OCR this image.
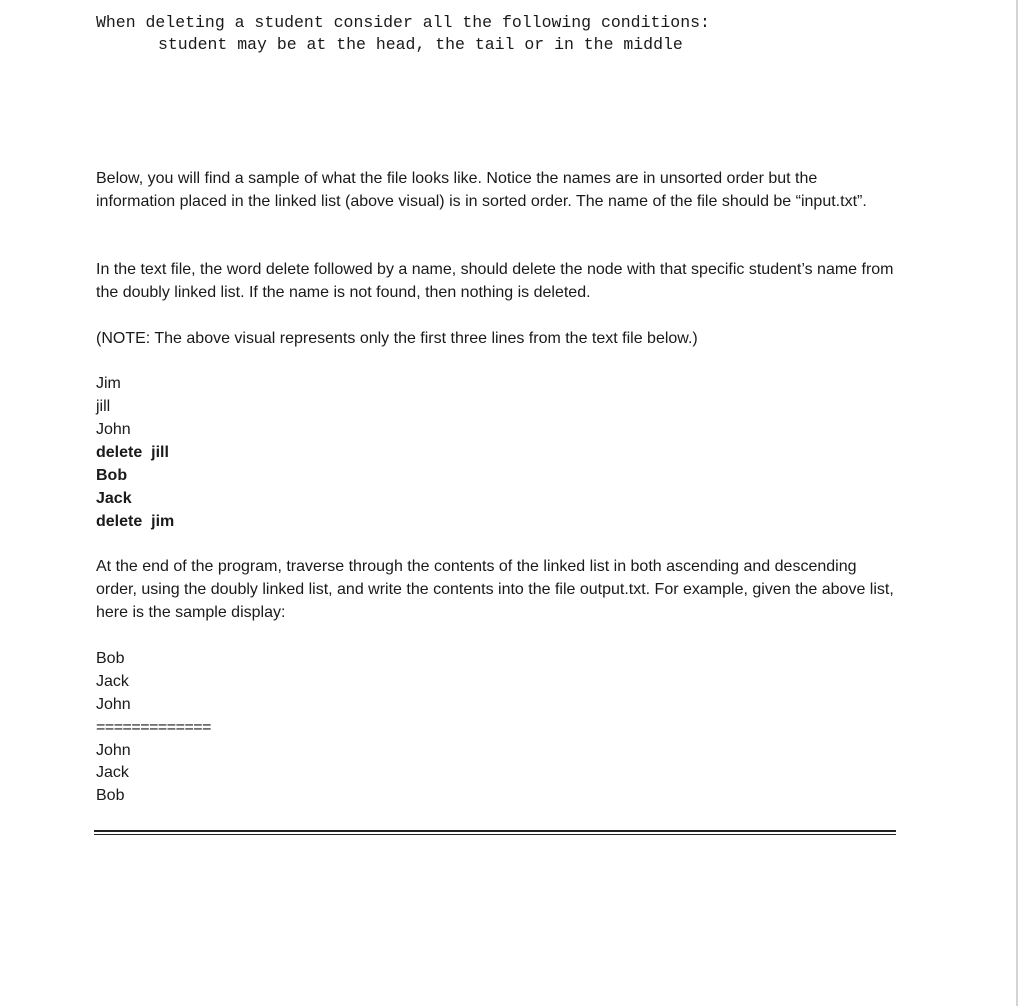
When deleting a student consider all the following conditions:
student may be at the head, the tail or in the middle
Below, you will find a sample of what the file looks like. Notice the names are in unsorted order but the information placed in the linked list (above visual) is in sorted order. The name of the file should be “input.txt”.
In the text file, the word delete followed by a name, should delete the node with that specific student’s name from the doubly linked list. If the name is not found, then nothing is deleted.
(NOTE: The above visual represents only the first three lines from the text file below.)
Jim
jill
John
delete  jill
Bob
Jack
delete  jim
At the end of the program, traverse through the contents of the linked list in both ascending and descending order, using the doubly linked list, and write the contents into the file output.txt. For example, given the above list, here is the sample display:
Bob
Jack
John
=============
John
Jack
Bob
